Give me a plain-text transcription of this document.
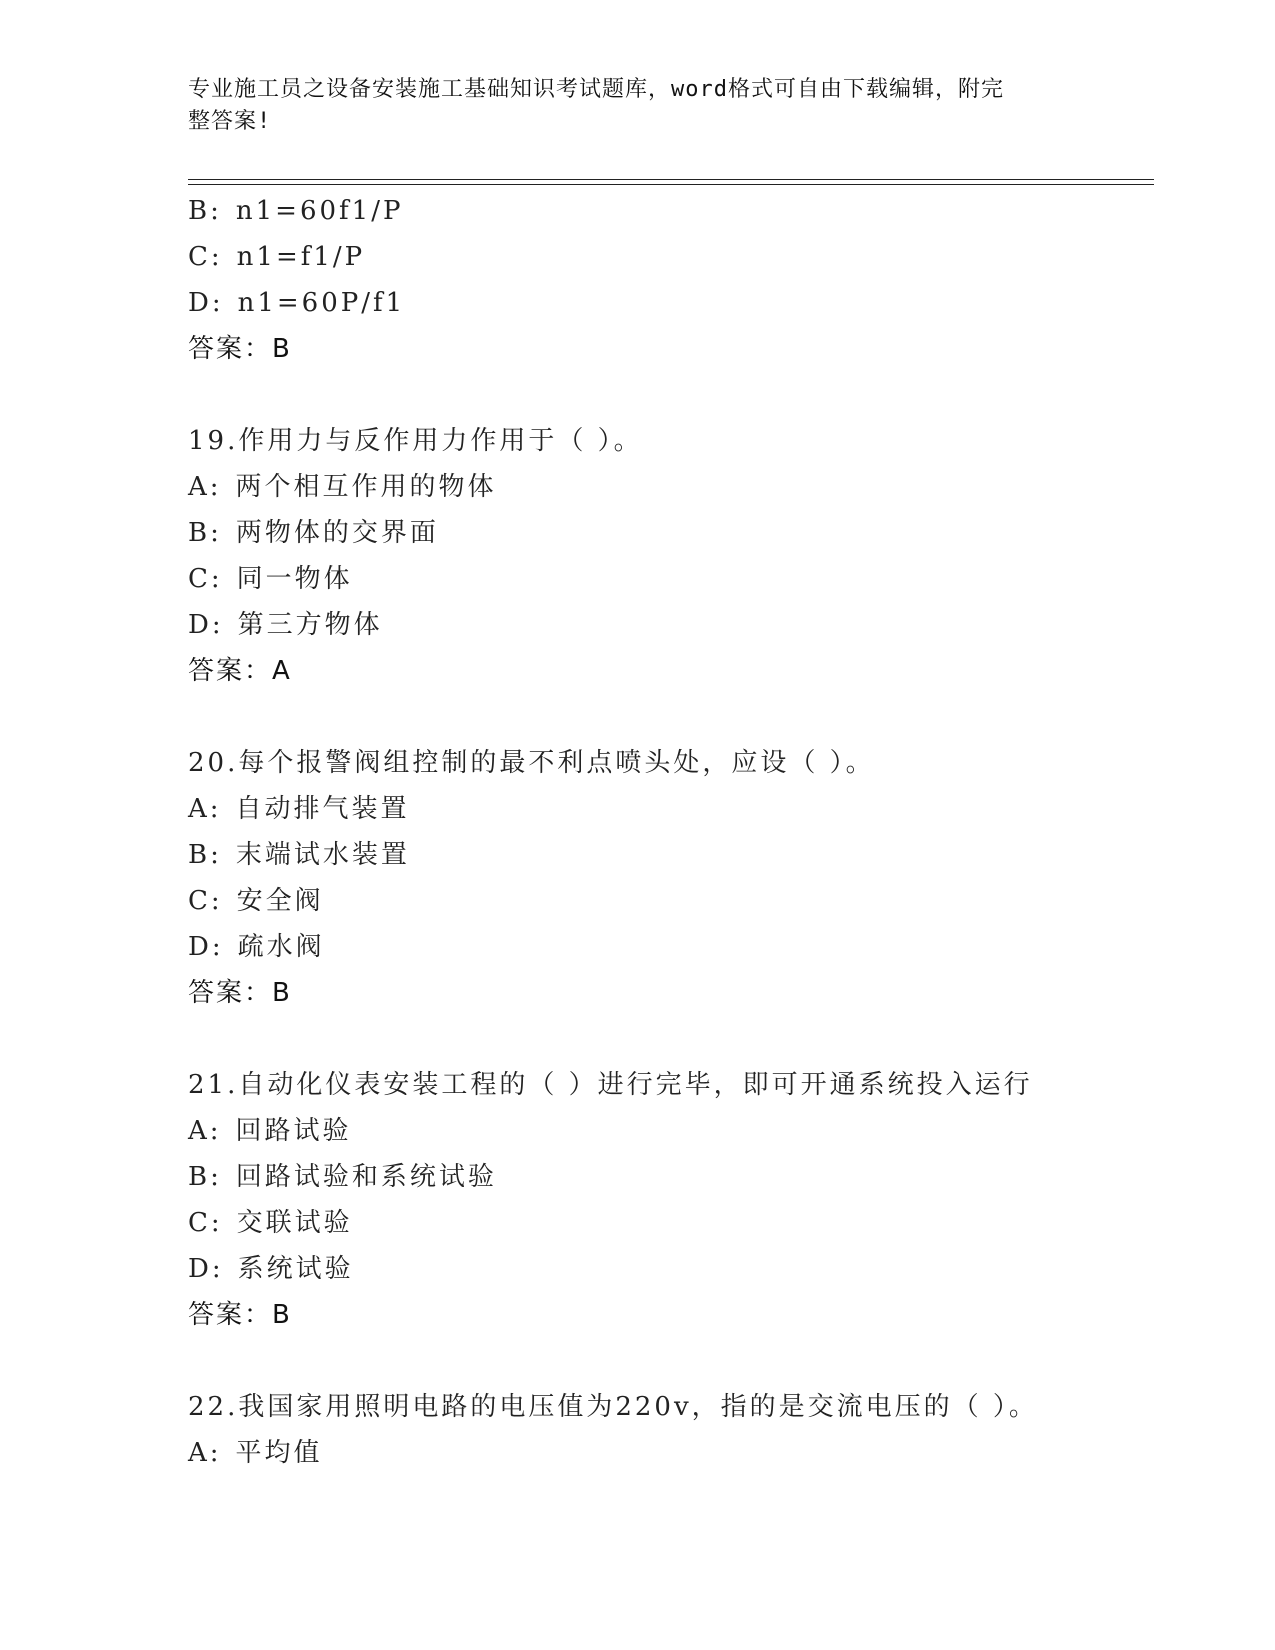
专业施工员之设备安装施工基础知识考试题库，word格式可自由下载编辑，附完
整答案!
B: n1=60f1/P
C: n1=f1/P
D: n1=60P/f1
答案：B
19.作用力与反作用力作用于（ ）。
A: 两个相互作用的物体
B: 两物体的交界面
C: 同一物体
D: 第三方物体
答案：A
20.每个报警阀组控制的最不利点喷头处，应设（ ）。
A: 自动排气装置
B: 末端试水装置
C: 安全阀
D: 疏水阀
答案：B
21.自动化仪表安装工程的（ ）进行完毕，即可开通系统投入运行
A: 回路试验
B: 回路试验和系统试验
C: 交联试验
D: 系统试验
答案：B
22.我国家用照明电路的电压值为220v，指的是交流电压的（ ）。
A: 平均值
